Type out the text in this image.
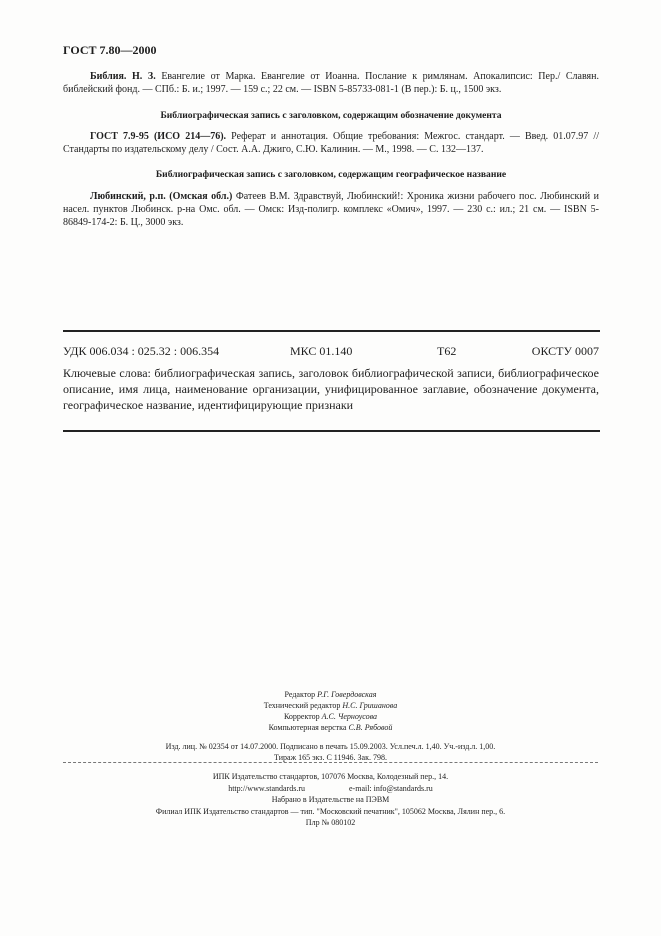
ГОСТ 7.80—2000
Библия. Н. З. Евангелие от Марка. Евангелие от Иоанна. Послание к римлянам. Апокалипсис: Пер./ Славян. библейский фонд. — СПб.: Б. и.; 1997. — 159 с.; 22 см. — ISBN 5-85733-081-1 (В пер.): Б. ц., 1500 экз.
Библиографическая запись с заголовком, содержащим обозначение документа
ГОСТ 7.9-95 (ИСО 214—76). Реферат и аннотация. Общие требования: Межгос. стандарт. — Введ. 01.07.97 // Стандарты по издательскому делу / Сост. А.А. Джиго, С.Ю. Калинин. — М., 1998. — С. 132—137.
Библиографическая запись с заголовком, содержащим географическое название
Любинский, р.п. (Омская обл.) Фатеев В.М. Здравствуй, Любинский!: Хроника жизни рабочего пос. Любинский и насел. пунктов Любинск. р-на Омс. обл. — Омск: Изд-полигр. комплекс «Омич», 1997. — 230 с.: ил.; 21 см. — ISBN 5-86849-174-2: Б. Ц., 3000 экз.
УДК 006.034 : 025.32 : 006.354	МКС 01.140	Т62	ОКСТУ 0007
Ключевые слова: библиографическая запись, заголовок библиографической записи, библиографическое описание, имя лица, наименование организации, унифицированное заглавие, обозначение документа, географическое название, идентифицирующие признаки
Редактор Р.Г. Говердовская
Технический редактор Н.С. Гришанова
Корректор А.С. Черноусова
Компьютерная верстка С.В. Рябовой
Изд. лиц. № 02354 от 14.07.2000. Подписано в печать 15.09.2003. Усл.печ.л. 1,40. Уч.-изд.л. 1,00.
Тираж 165 экз. С 11946. Зак. 798.
ИПК Издательство стандартов, 107076 Москва, Колодезный пер., 14.
http://www.standards.ru	e-mail: info@standards.ru
Набрано в Издательстве на ПЭВМ
Филиал ИПК Издательство стандартов — тип. "Московский печатник", 105062 Москва, Лялин пер., 6.
Плр № 080102
